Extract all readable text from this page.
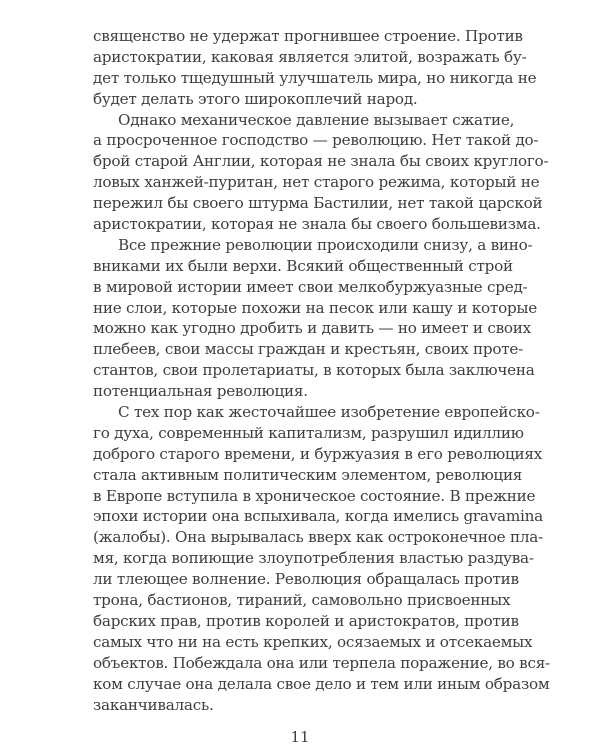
священство не удержат прогнившее строение. Против
аристократии, каковая является элитой, возражать бу-
дет только тщедушный улучшатель мира, но никогда не
будет делать этого широкоплечий народ.
Однако механическое давление вызывает сжатие,
а просроченное господство — революцию. Нет такой до-
брой старой Англии, которая не знала бы своих круглого-
ловых ханжей-пуритан, нет старого режима, который не
пережил бы своего штурма Бастилии, нет такой царской
аристократии, которая не знала бы своего большевизма.
Все прежние революции происходили снизу, а вино-
вниками их были верхи. Всякий общественный строй
в мировой истории имеет свои мелкобуржуазные сред-
ние слои, которые похожи на песок или кашу и которые
можно как угодно дробить и давить — но имеет и своих
плебеев, свои массы граждан и крестьян, своих проте-
стантов, свои пролетариаты, в которых была заключена
потенциальная революция.
С тех пор как жесточайшее изобретение европейско-
го духа, современный капитализм, разрушил идиллию
доброго старого времени, и буржуазия в его революциях
стала активным политическим элементом, революция
в Европе вступила в хроническое состояние. В прежние
эпохи истории она вспыхивала, когда имелись gravamina
(жалобы). Она вырывалась вверх как остроконечное пла-
мя, когда вопиющие злоупотребления властью раздува-
ли тлеющее волнение. Революция обращалась против
трона, бастионов, тираний, самовольно присвоенных
барских прав, против королей и аристократов, против
самых что ни на есть крепких, осязаемых и отсекаемых
объектов. Побеждала она или терпела поражение, во вся-
ком случае она делала свое дело и тем или иным образом
заканчивалась.
11
